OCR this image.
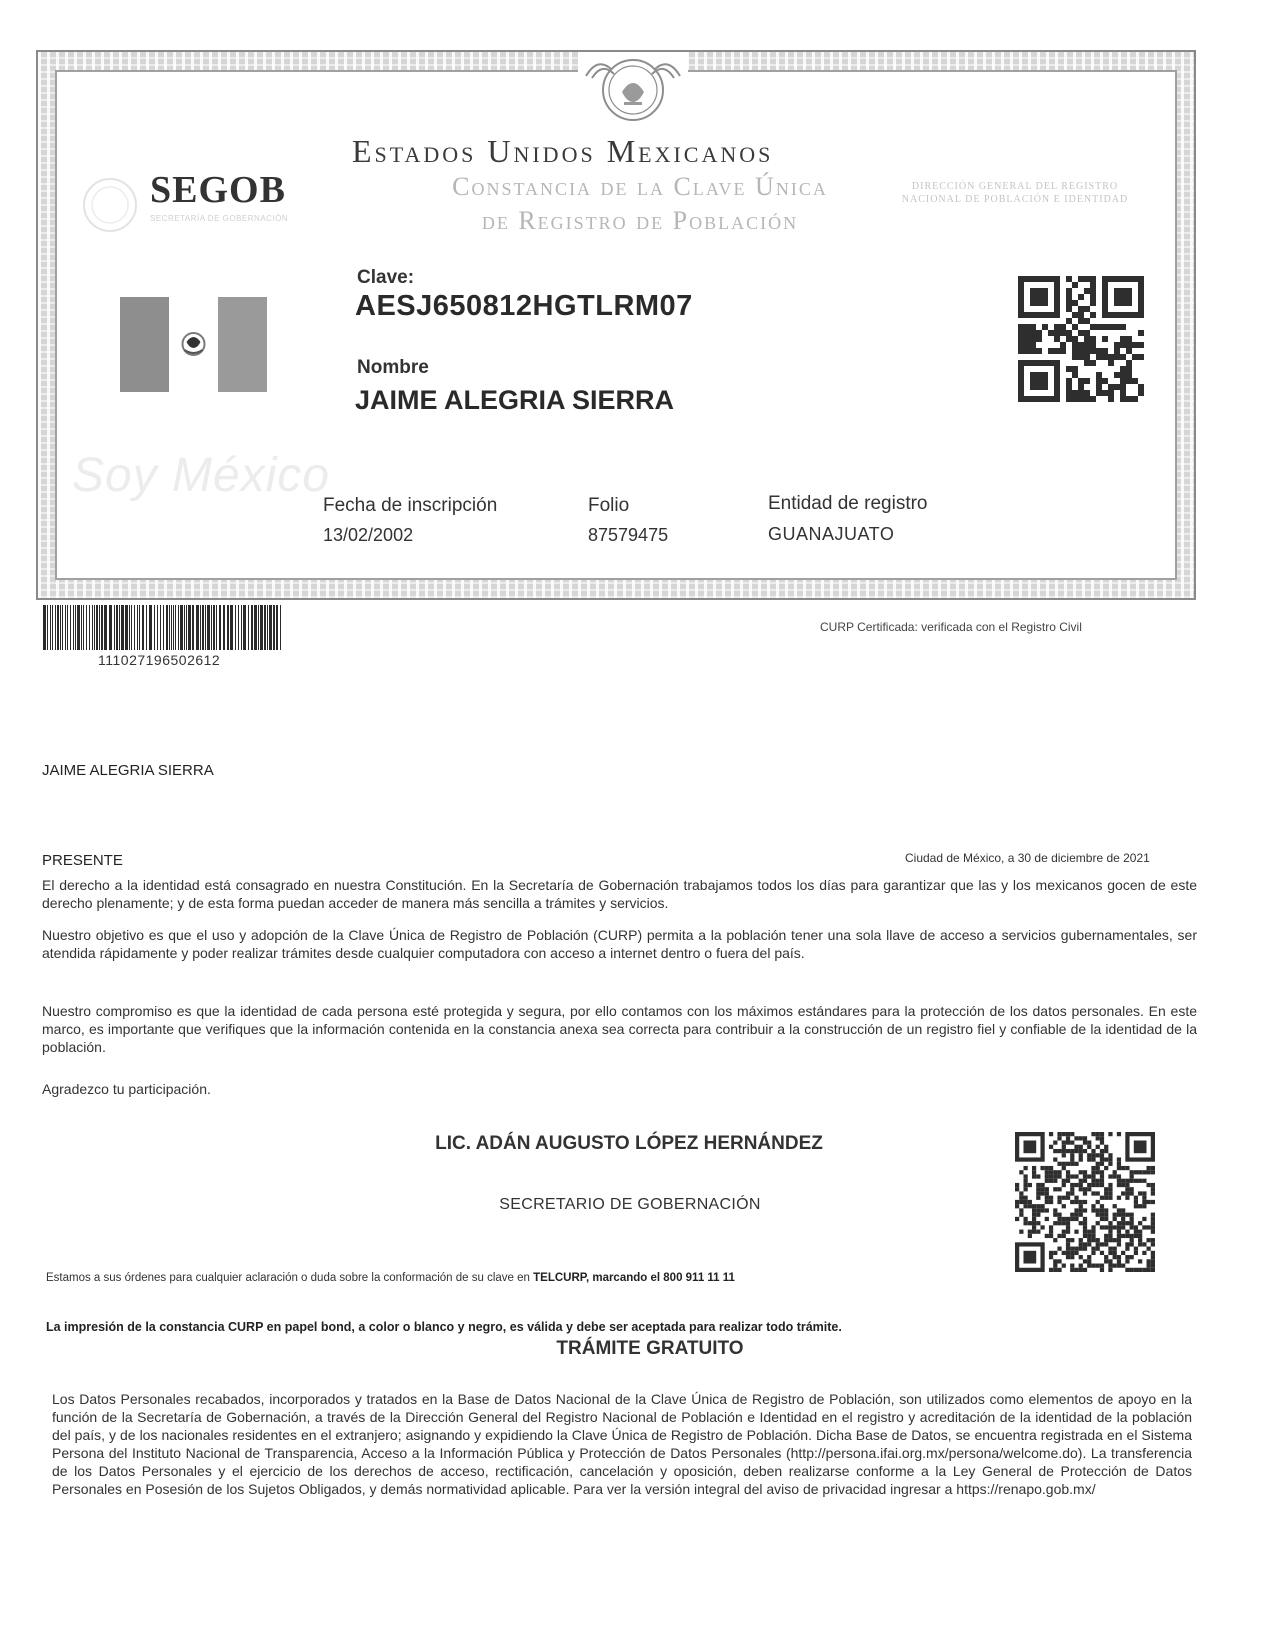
Estados Unidos Mexicanos
Constancia de la Clave Única
de Registro de Población
DIRECCIÓN GENERAL DEL REGISTRO NACIONAL DE POBLACIÓN E IDENTIDAD
SEGOB
SECRETARÍA DE GOBERNACIÓN
Clave:
AESJ650812HGTLRM07
Nombre
JAIME ALEGRIA SIERRA
Soy México
Fecha de inscripción
13/02/2002
Folio
87579475
Entidad de registro
GUANAJUATO
111027196502612
CURP Certificada: verificada con el Registro Civil
JAIME ALEGRIA SIERRA
PRESENTE	Ciudad de México, a 30 de diciembre de 2021
El derecho a la identidad está consagrado en nuestra Constitución. En la Secretaría de Gobernación trabajamos todos los días para garantizar que las y los mexicanos gocen de este derecho plenamente; y de esta forma puedan acceder de manera más sencilla a trámites y servicios.
Nuestro objetivo es que el uso y adopción de la Clave Única de Registro de Población (CURP) permita a la población tener una sola llave de acceso a servicios gubernamentales, ser atendida rápidamente y poder realizar trámites desde cualquier computadora con acceso a internet dentro o fuera del país.
Nuestro compromiso es que la identidad de cada persona esté protegida y segura, por ello contamos con los máximos estándares para la protección de los datos personales. En este marco, es importante que verifiques que la información contenida en la constancia anexa sea correcta para contribuir a la construcción de un registro fiel y confiable de la identidad de la población.
Agradezco tu participación.
LIC. ADÁN AUGUSTO LÓPEZ HERNÁNDEZ
SECRETARIO DE GOBERNACIÓN
Estamos a sus órdenes para cualquier aclaración o duda sobre la conformación de su clave en TELCURP, marcando el 800 911 11 11
La impresión de la constancia CURP en papel bond, a color o blanco y negro, es válida y debe ser aceptada para realizar todo trámite.
TRÁMITE GRATUITO
Los Datos Personales recabados, incorporados y tratados en la Base de Datos Nacional de la Clave Única de Registro de Población, son utilizados como elementos de apoyo en la función de la Secretaría de Gobernación, a través de la Dirección General del Registro Nacional de Población e Identidad en el registro y acreditación de la identidad de la población del país, y de los nacionales residentes en el extranjero; asignando y expidiendo la Clave Única de Registro de Población. Dicha Base de Datos, se encuentra registrada en el Sistema Persona del Instituto Nacional de Transparencia, Acceso a la Información Pública y Protección de Datos Personales (http://persona.ifai.org.mx/persona/welcome.do). La transferencia de los Datos Personales y el ejercicio de los derechos de acceso, rectificación, cancelación y oposición, deben realizarse conforme a la Ley General de Protección de Datos Personales en Posesión de los Sujetos Obligados, y demás normatividad aplicable. Para ver la versión integral del aviso de privacidad ingresar a https://renapo.gob.mx/
